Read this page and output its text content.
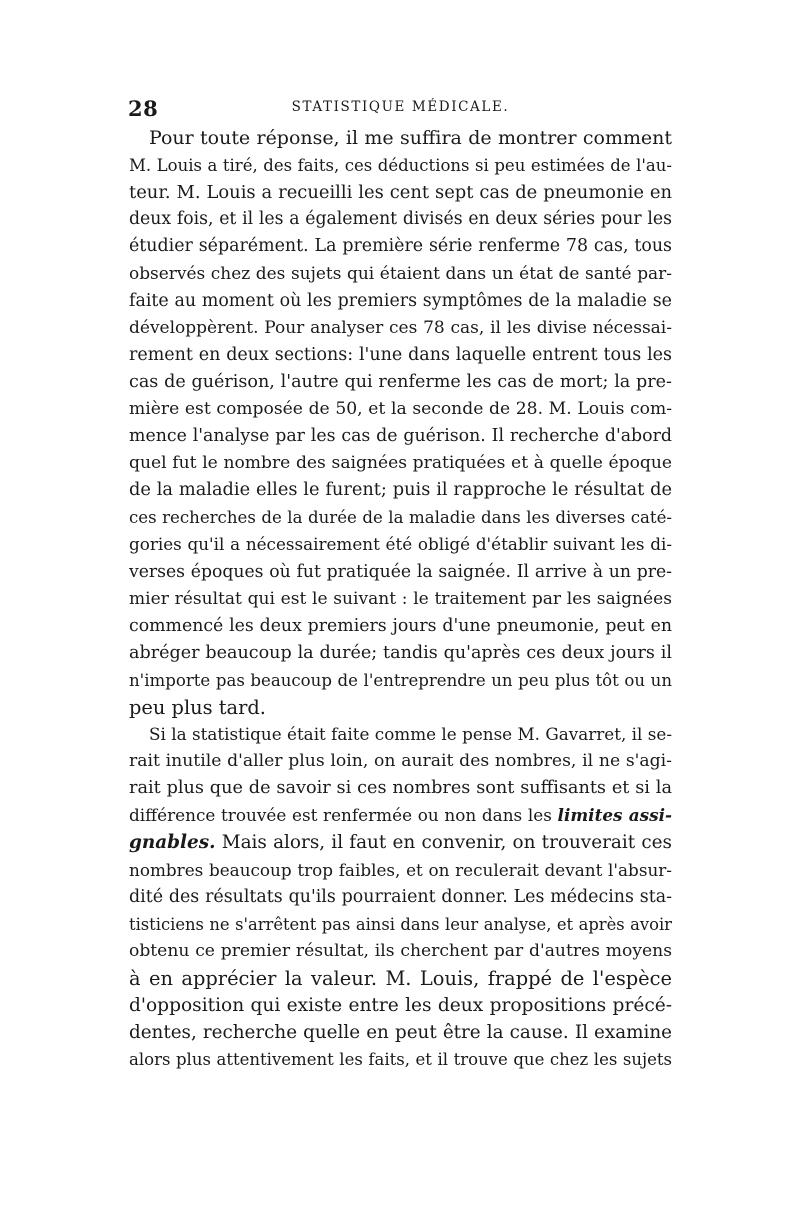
28	STATISTIQUE MÉDICALE.
Pour toute réponse, il me suffira de montrer comment
M. Louis a tiré, des faits, ces déductions si peu estimées de l'au-
teur. M. Louis a recueilli les cent sept cas de pneumonie en
deux fois, et il les a également divisés en deux séries pour les
étudier séparément. La première série renferme 78 cas, tous
observés chez des sujets qui étaient dans un état de santé par-
faite au moment où les premiers symptômes de la maladie se
développèrent. Pour analyser ces 78 cas, il les divise nécessai-
rement en deux sections: l'une dans laquelle entrent tous les
cas de guérison, l'autre qui renferme les cas de mort; la pre-
mière est composée de 50, et la seconde de 28. M. Louis com-
mence l'analyse par les cas de guérison. Il recherche d'abord
quel fut le nombre des saignées pratiquées et à quelle époque
de la maladie elles le furent; puis il rapproche le résultat de
ces recherches de la durée de la maladie dans les diverses caté-
gories qu'il a nécessairement été obligé d'établir suivant les di-
verses époques où fut pratiquée la saignée. Il arrive à un pre-
mier résultat qui est le suivant : le traitement par les saignées
commencé les deux premiers jours d'une pneumonie, peut en
abréger beaucoup la durée; tandis qu'après ces deux jours il
n'importe pas beaucoup de l'entreprendre un peu plus tôt ou un
peu plus tard.
Si la statistique était faite comme le pense M. Gavarret, il se-
rait inutile d'aller plus loin, on aurait des nombres, il ne s'agi-
rait plus que de savoir si ces nombres sont suffisants et si la
différence trouvée est renfermée ou non dans les limites assi-
gnables. Mais alors, il faut en convenir, on trouverait ces
nombres beaucoup trop faibles, et on reculerait devant l'absur-
dité des résultats qu'ils pourraient donner. Les médecins sta-
tisticiens ne s'arrêtent pas ainsi dans leur analyse, et après avoir
obtenu ce premier résultat, ils cherchent par d'autres moyens
à en apprécier la valeur. M. Louis, frappé de l'espèce
d'opposition qui existe entre les deux propositions précé-
dentes, recherche quelle en peut être la cause. Il examine
alors plus attentivement les faits, et il trouve que chez les sujets
